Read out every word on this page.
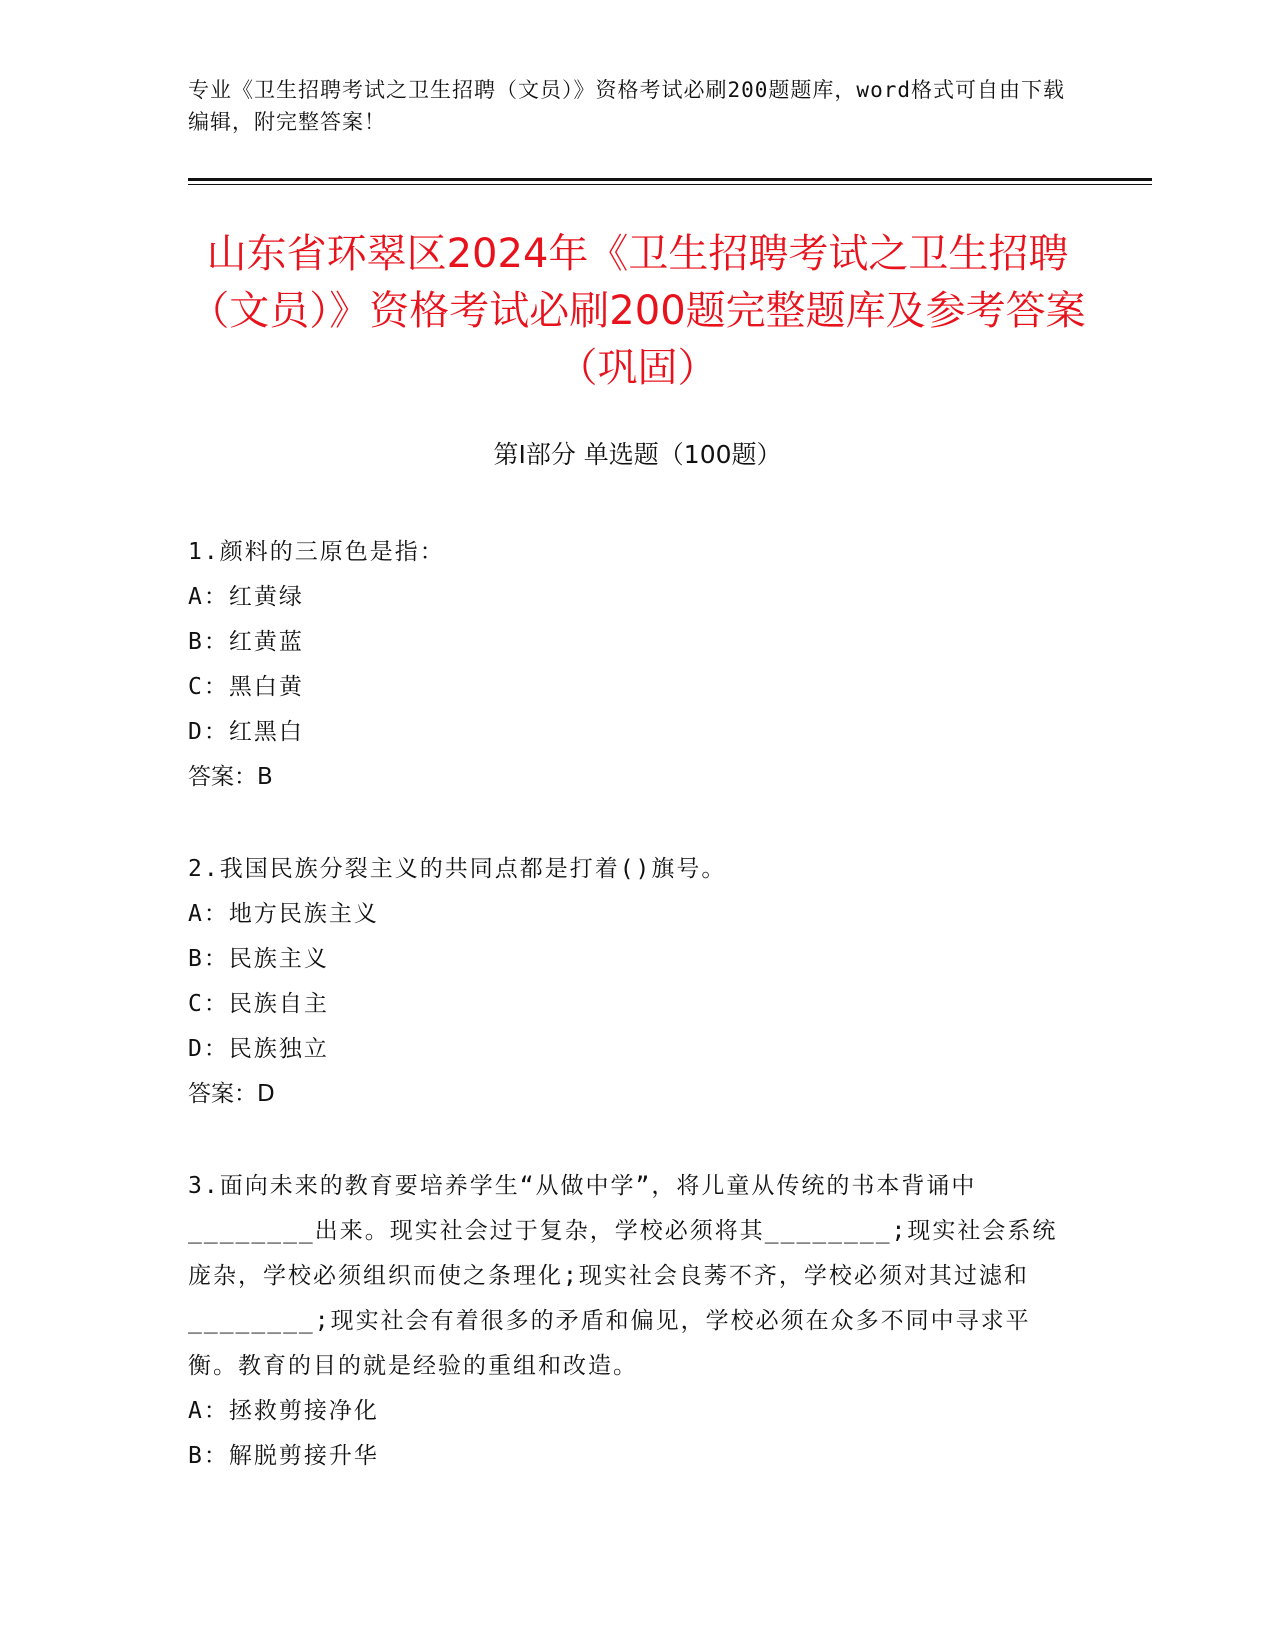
专业《卫生招聘考试之卫生招聘（文员）》资格考试必刷200题题库，word格式可自由下载编辑，附完整答案！
山东省环翠区2024年《卫生招聘考试之卫生招聘（文员）》资格考试必刷200题完整题库及参考答案（巩固）
第Ⅰ部分 单选题（100题）
1.颜料的三原色是指：
A：红黄绿
B：红黄蓝
C：黑白黄
D：红黑白
答案：B
2.我国民族分裂主义的共同点都是打着()旗号。
A：地方民族主义
B：民族主义
C：民族自主
D：民族独立
答案：D
3.面向未来的教育要培养学生“从做中学”，将儿童从传统的书本背诵中________出来。现实社会过于复杂，学校必须将其________;现实社会系统庞杂，学校必须组织而使之条理化;现实社会良莠不齐，学校必须对其过滤和________;现实社会有着很多的矛盾和偏见，学校必须在众多不同中寻求平衡。教育的目的就是经验的重组和改造。
A：拯救剪接净化
B：解脱剪接升华
